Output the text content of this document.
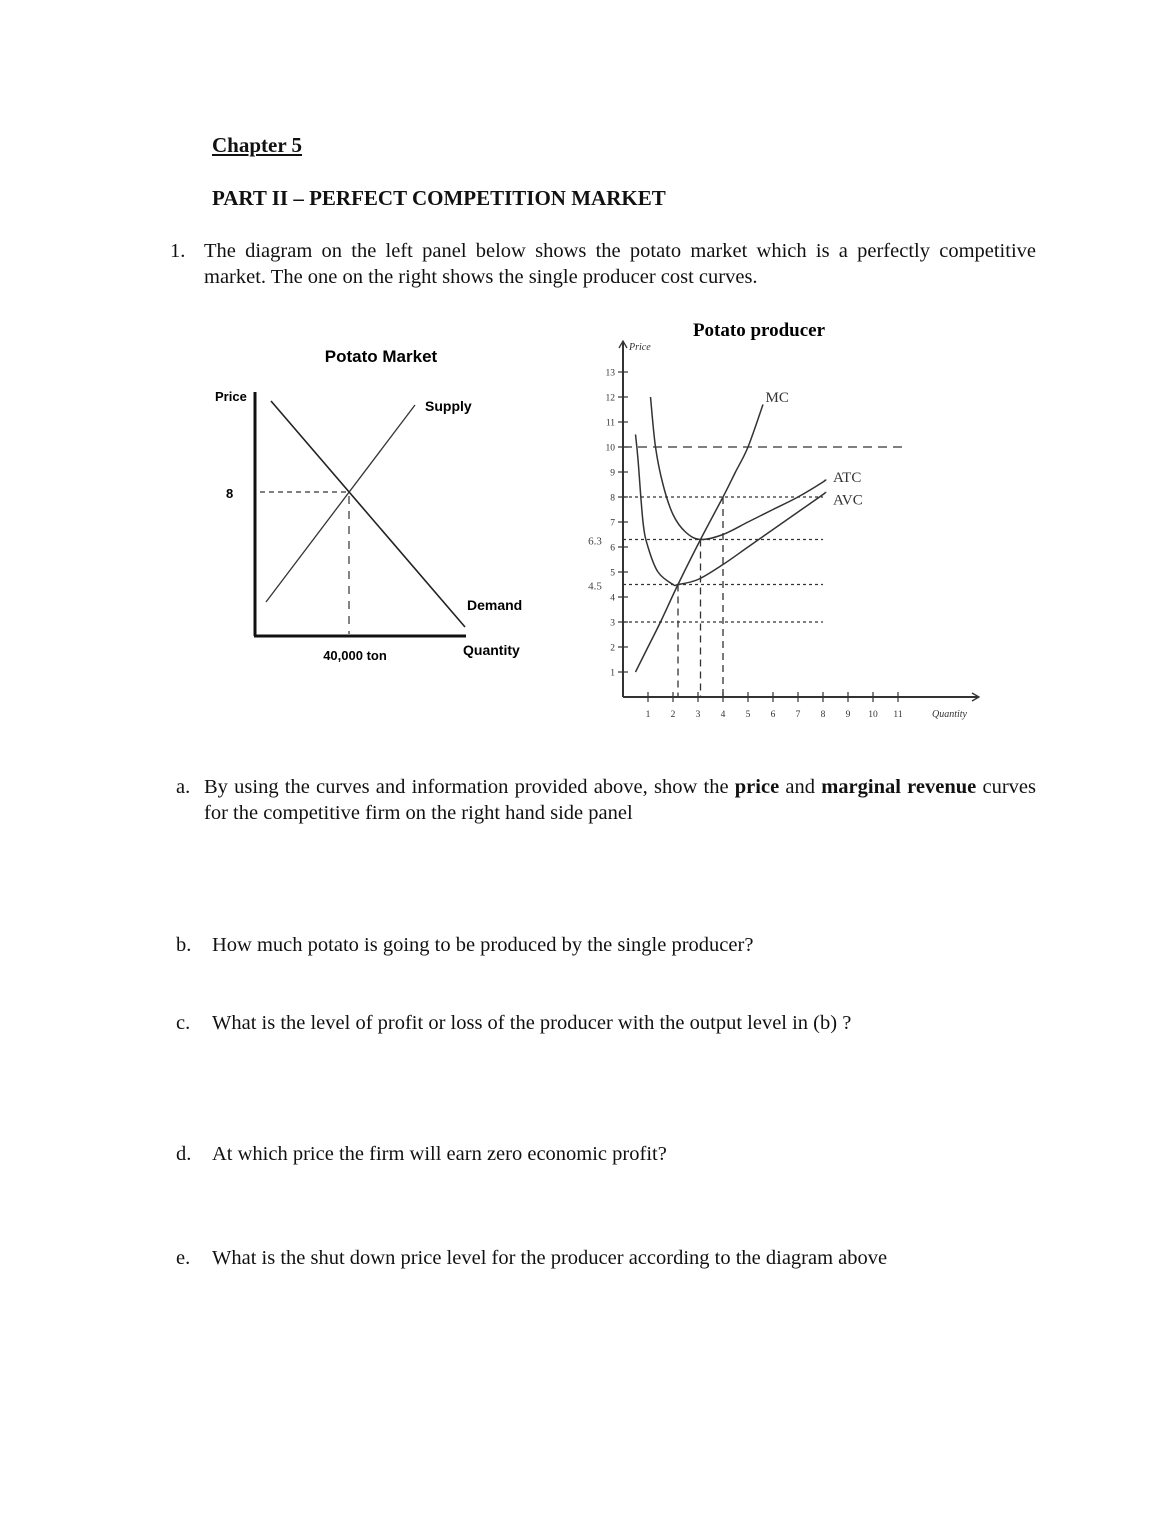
Chapter 5
PART II – PERFECT COMPETITION MARKET
1. The diagram on the left panel below shows the potato market which is a perfectly competitive market. The one on the right shows the single producer cost curves.
Potato Market
Price
8
40,000 ton
Supply
Demand
Quantity
Potato producer
Price
Quantity
1
2
3
4
5
6
7
8
9
10
11
12
13
1 2 3 4 5 6 7 8 9 10 11
6.3
4.5
MC
ATC
AVC
a. By using the curves and information provided above, show the price and marginal revenue curves for the competitive firm on the right hand side panel
b. How much potato is going to be produced by the single producer?
c. What is the level of profit or loss of the producer with the output level in (b) ?
d. At which price the firm will earn zero economic profit?
e. What is the shut down price level for the producer according to the diagram above
